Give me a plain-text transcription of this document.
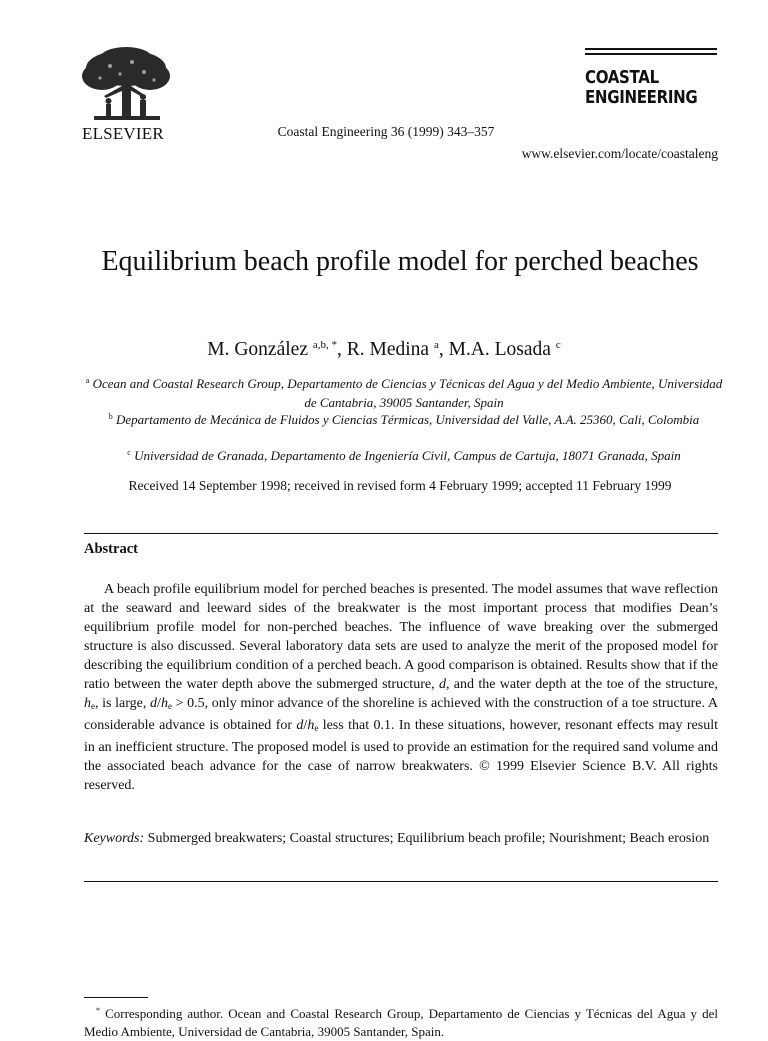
ELSEVIER	Coastal Engineering 36 (1999) 343–357
COASTAL
ENGINEERING
www.elsevier.com/locate/coastaleng
Equilibrium beach profile model for perched beaches
M. González $^{a,b, *}$, R. Medina $^a$, M.A. Losada $^c$
$^a$ Ocean and Coastal Research Group, Departamento de Ciencias y Técnicas del Agua y del Medio Ambiente, Universidad de Cantabria, 39005 Santander, Spain
$^b$ Departamento de Mecánica de Fluidos y Ciencias Térmicas, Universidad del Valle, A.A. 25360, Cali, Colombia
$^c$ Universidad de Granada, Departamento de Ingeniería Civil, Campus de Cartuja, 18071 Granada, Spain
Received 14 September 1998; received in revised form 4 February 1999; accepted 11 February 1999
Abstract
A beach profile equilibrium model for perched beaches is presented. The model assumes that wave reflection at the seaward and leeward sides of the breakwater is the most important process that modifies Dean’s equilibrium profile model for non-perched beaches. The influence of wave breaking over the submerged structure is also discussed. Several laboratory data sets are used to analyze the merit of the proposed model for describing the equilibrium condition of a perched beach. A good comparison is obtained. Results show that if the ratio between the water depth above the submerged structure, d, and the water depth at the toe of the structure, $h_e$, is large, $d/h_e > 0.5$, only minor advance of the shoreline is achieved with the construction of a toe structure. A considerable advance is obtained for $d/h_e$ less that 0.1. In these situations, however, resonant effects may result in an inefficient structure. The proposed model is used to provide an estimation for the required sand volume and the associated beach advance for the case of narrow breakwaters. © 1999 Elsevier Science B.V. All rights reserved.
Keywords: Submerged breakwaters; Coastal structures; Equilibrium beach profile; Nourishment; Beach erosion
* Corresponding author. Ocean and Coastal Research Group, Departamento de Ciencias y Técnicas del Agua y del Medio Ambiente, Universidad de Cantabria, 39005 Santander, Spain.
